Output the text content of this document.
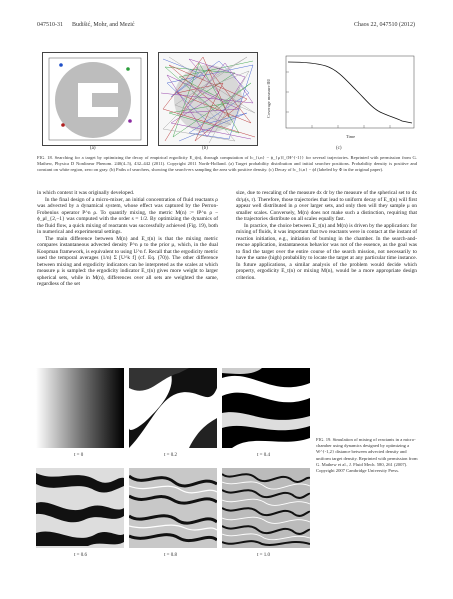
047510-31 Budišić, Mohr, and Mezić	Chaos 22, 047510 (2012)
(a)	(b)
Coverage measure ‖E‖
Time
(c)
FIG. 18. Searching for a target by optimizing the decay of empirical ergodicity E_t(n), through computation of ‖c_{t,n} − ϕ_{μ}‖_{H^{-1}} for several trajectories. Reprinted with permission from G. Mathew, Physica D Nonlinear Phenom. 240(4–5), 432–442 (2011). Copyright 2011 North-Holland. (a) Target probability distribution and initial searcher positions. Probability density is positive and constant on white region, zero on gray. (b) Paths of searchers, showing the search-ers sampling the area with positive density. (c) Decay of ‖c_{t,n} − ϕ‖ (labeled by Φ in the original paper).

in which context it was originally developed.

In the final design of a micro-mixer, an initial concentration of fluid reactants ρ was advected by a dynamical system, whose effect was captured by the Perron-Frobenius operator P^n ρ. To quantify mixing, the metric M(n) := ‖P^n ρ − ϕ_μ‖_{2,−1} was computed with the order s = 1/2. By optimizing the dynamics of the fluid flow, a quick mixing of reactants was successfully achieved (Fig. 19), both in numerical and experimental settings.

The main difference between M(n) and E_t(n) is that the mixing metric compares instantaneous advected density P^n ρ to the prior μ, which, in the dual Koopman framework, is equivalent to using U^n f. Recall that the ergodicity metric used the temporal averages (1/n) Σ [U^k f] (cf. Eq. (70)). The other difference between mixing and ergodicity indicators can be interpreted as the scales at which measure μ is sampled: the ergodicity indicator E_t(n) gives more weight to larger spherical sets, while in M(n), differences over all sets are weighted the same, regardless of the set

size, due to rescaling of the measure dx dr by the measure of the spherical set to dx dr/μ(s, r). Therefore, those trajectories that lead to uniform decay of E_t(n) will first appear well distributed in ρ over larger sets, and only then will they sample μ on smaller scales. Conversely, M(n) does not make such a distinction, requiring that the trajectories distribute on all scales equally fast.

In practice, the choice between E_t(n) and M(n) is driven by the application: for mixing of fluids, it was important that two reactants were in contact at the instant of reaction initiation, e.g., initiation of burning in the chamber. In the search-and-rescue application, instantaneous behavior was not of the essence, as the goal was to find the target over the entire course of the search mission, not necessarily to have the same (high) probability to locate the target at any particular time instance. In future applications, a similar analysis of the problem would decide which property, ergodicity E_t(n) or mixing M(n), would be a more appropriate design criterion.

t = 0	t = 0.2	t = 0.4
t = 0.6	t = 0.8	t = 1.0
FIG. 19. Simulation of mixing of reactants in a micro-chamber using dynamics designed by optimizing a W^{-1,2} distance between advected density and uniform target density. Reprinted with permission from G. Mathew et al., J. Fluid Mech. 580, 261 (2007). Copyright 2007 Cambridge University Press.
